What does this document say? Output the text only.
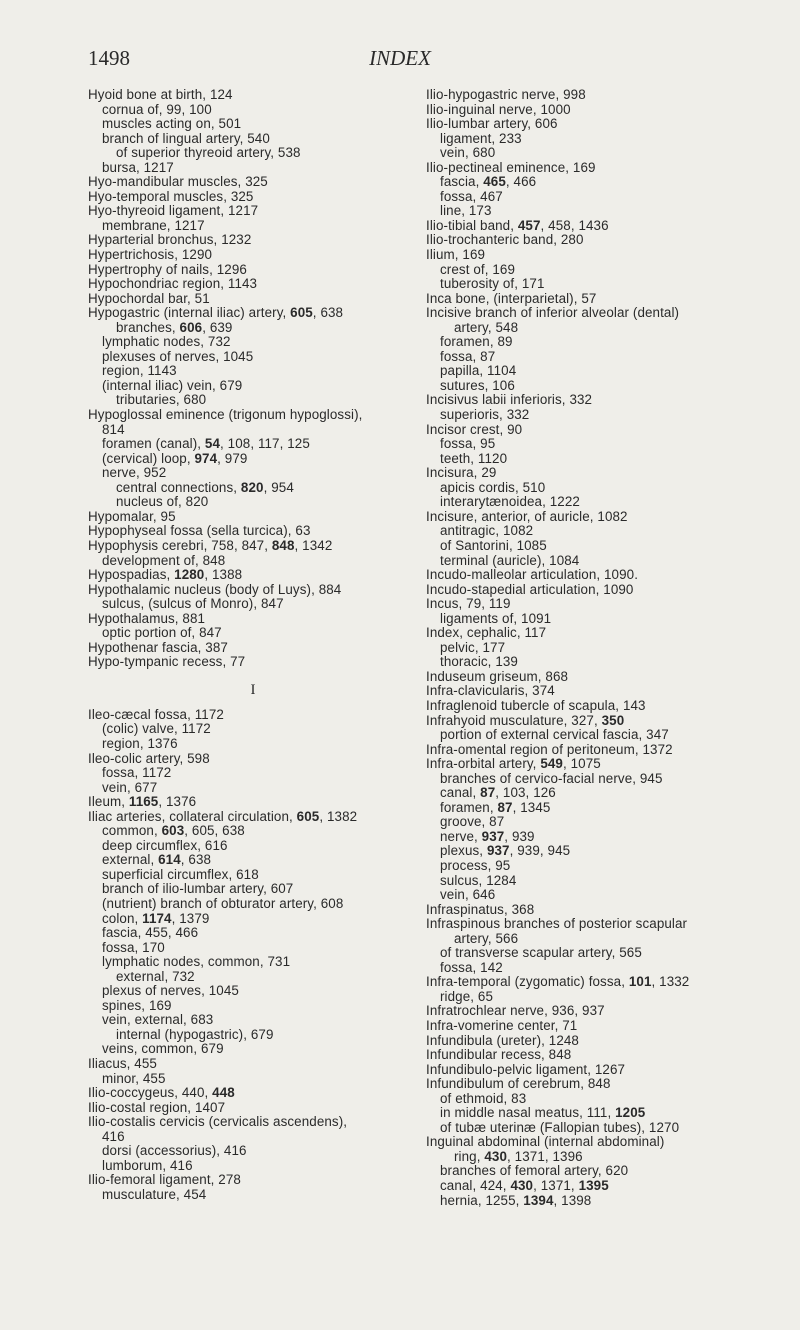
1498	INDEX
Hyoid bone at birth, 124
cornua of, 99, 100
muscles acting on, 501
branch of lingual artery, 540
of superior thyreoid artery, 538
bursa, 1217
Hyo-mandibular muscles, 325
Hyo-temporal muscles, 325
Hyo-thyreoid ligament, 1217
membrane, 1217
Hyparterial bronchus, 1232
Hypertrichosis, 1290
Hypertrophy of nails, 1296
Hypochondriac region, 1143
Hypochordal bar, 51
Hypogastric (internal iliac) artery, 605, 638
branches, 606, 639
lymphatic nodes, 732
plexuses of nerves, 1045
region, 1143
(internal iliac) vein, 679
tributaries, 680
Hypoglossal eminence (trigonum hypoglossi),
814
foramen (canal), 54, 108, 117, 125
(cervical) loop, 974, 979
nerve, 952
central connections, 820, 954
nucleus of, 820
Hypomalar, 95
Hypophyseal fossa (sella turcica), 63
Hypophysis cerebri, 758, 847, 848, 1342
development of, 848
Hypospadias, 1280, 1388
Hypothalamic nucleus (body of Luys), 884
sulcus, (sulcus of Monro), 847
Hypothalamus, 881
optic portion of, 847
Hypothenar fascia, 387
Hypo-tympanic recess, 77
I
Ileo-cæcal fossa, 1172
(colic) valve, 1172
region, 1376
Ileo-colic artery, 598
fossa, 1172
vein, 677
Ileum, 1165, 1376
Iliac arteries, collateral circulation, 605, 1382
common, 603, 605, 638
deep circumflex, 616
external, 614, 638
superficial circumflex, 618
branch of ilio-lumbar artery, 607
(nutrient) branch of obturator artery, 608
colon, 1174, 1379
fascia, 455, 466
fossa, 170
lymphatic nodes, common, 731
external, 732
plexus of nerves, 1045
spines, 169
vein, external, 683
internal (hypogastric), 679
veins, common, 679
Iliacus, 455
minor, 455
Ilio-coccygeus, 440, 448
Ilio-costal region, 1407
Ilio-costalis cervicis (cervicalis ascendens),
416
dorsi (accessorius), 416
lumborum, 416
Ilio-femoral ligament, 278
musculature, 454
Ilio-hypogastric nerve, 998
Ilio-inguinal nerve, 1000
Ilio-lumbar artery, 606
ligament, 233
vein, 680
Ilio-pectineal eminence, 169
fascia, 465, 466
fossa, 467
line, 173
Ilio-tibial band, 457, 458, 1436
Ilio-trochanteric band, 280
Ilium, 169
crest of, 169
tuberosity of, 171
Inca bone, (interparietal), 57
Incisive branch of inferior alveolar (dental)
artery, 548
foramen, 89
fossa, 87
papilla, 1104
sutures, 106
Incisivus labii inferioris, 332
superioris, 332
Incisor crest, 90
fossa, 95
teeth, 1120
Incisura, 29
apicis cordis, 510
interarytænoidea, 1222
Incisure, anterior, of auricle, 1082
antitragic, 1082
of Santorini, 1085
terminal (auricle), 1084
Incudo-malleolar articulation, 1090.
Incudo-stapedial articulation, 1090
Incus, 79, 119
ligaments of, 1091
Index, cephalic, 117
pelvic, 177
thoracic, 139
Induseum griseum, 868
Infra-clavicularis, 374
Infraglenoid tubercle of scapula, 143
Infrahyoid musculature, 327, 350
portion of external cervical fascia, 347
Infra-omental region of peritoneum, 1372
Infra-orbital artery, 549, 1075
branches of cervico-facial nerve, 945
canal, 87, 103, 126
foramen, 87, 1345
groove, 87
nerve, 937, 939
plexus, 937, 939, 945
process, 95
sulcus, 1284
vein, 646
Infraspinatus, 368
Infraspinous branches of posterior scapular
artery, 566
of transverse scapular artery, 565
fossa, 142
Infra-temporal (zygomatic) fossa, 101, 1332
ridge, 65
Infratrochlear nerve, 936, 937
Infra-vomerine center, 71
Infundibula (ureter), 1248
Infundibular recess, 848
Infundibulo-pelvic ligament, 1267
Infundibulum of cerebrum, 848
of ethmoid, 83
in middle nasal meatus, 111, 1205
of tubæ uterinæ (Fallopian tubes), 1270
Inguinal abdominal (internal abdominal)
ring, 430, 1371, 1396
branches of femoral artery, 620
canal, 424, 430, 1371, 1395
hernia, 1255, 1394, 1398
